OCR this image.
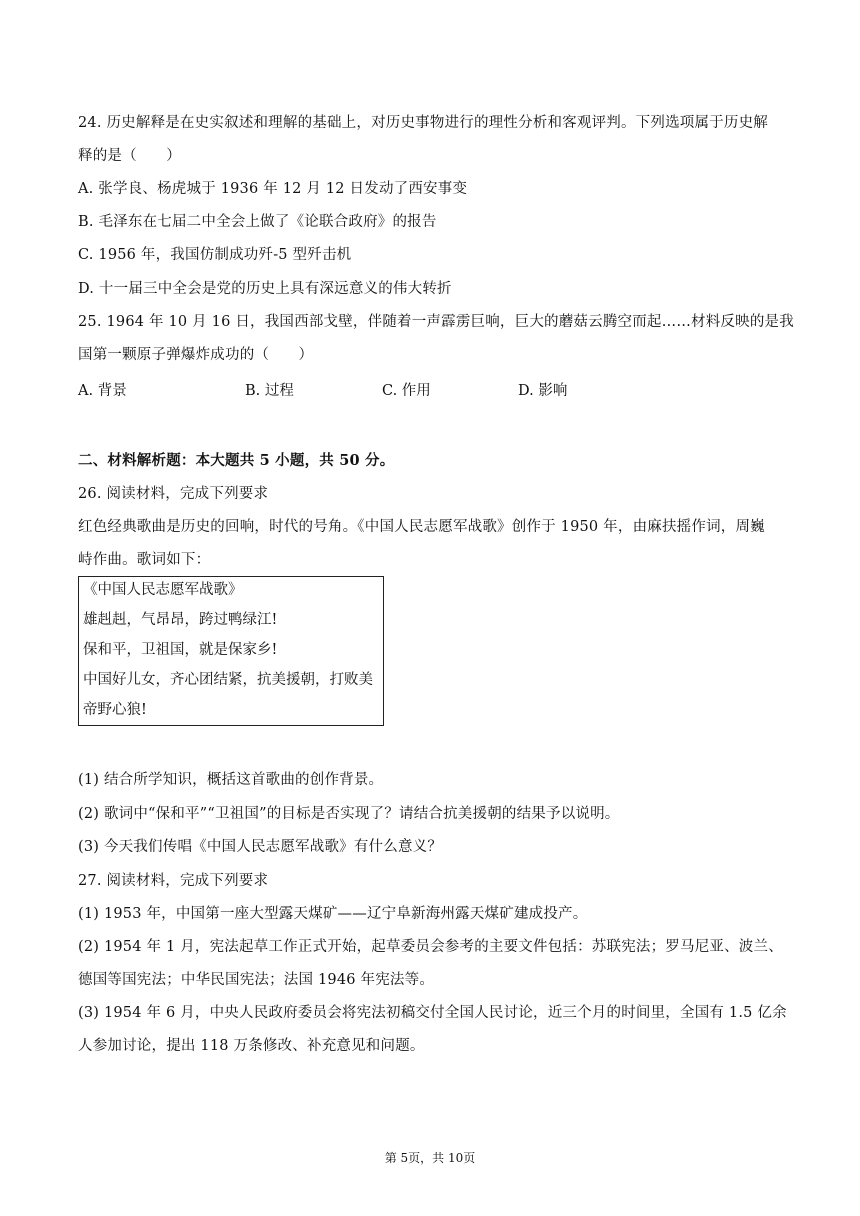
24. 历史解释是在史实叙述和理解的基础上，对历史事物进行的理性分析和客观评判。下列选项属于历史解
释的是（　　）
A. 张学良、杨虎城于 1936 年 12 月 12 日发动了西安事变
B. 毛泽东在七届二中全会上做了《论联合政府》的报告
C. 1956 年，我国仿制成功歼-5 型歼击机
D. 十一届三中全会是党的历史上具有深远意义的伟大转折
25. 1964 年 10 月 16 日，我国西部戈壁，伴随着一声霹雳巨响，巨大的蘑菇云腾空而起……材料反映的是我
国第一颗原子弹爆炸成功的（　　）
A. 背景	B. 过程	C. 作用	D. 影响
二、材料解析题：本大题共 5 小题，共 50 分。
26. 阅读材料，完成下列要求
红色经典歌曲是历史的回响，时代的号角。《中国人民志愿军战歌》创作于 1950 年，由麻扶摇作词，周巍
峙作曲。歌词如下：
《中国人民志愿军战歌》
雄赳赳，气昂昂，跨过鸭绿江!
保和平，卫祖国，就是保家乡!
中国好儿女，齐心团结紧，抗美援朝，打败美
帝野心狼!
(1) 结合所学知识，概括这首歌曲的创作背景。
(2) 歌词中“保和平”“卫祖国”的目标是否实现了？请结合抗美援朝的结果予以说明。
(3) 今天我们传唱《中国人民志愿军战歌》有什么意义？
27. 阅读材料，完成下列要求
(1) 1953 年，中国第一座大型露天煤矿——辽宁阜新海州露天煤矿建成投产。
(2) 1954 年 1 月，宪法起草工作正式开始，起草委员会参考的主要文件包括：苏联宪法；罗马尼亚、波兰、
德国等国宪法；中华民国宪法；法国 1946 年宪法等。
(3) 1954 年 6 月，中央人民政府委员会将宪法初稿交付全国人民讨论，近三个月的时间里，全国有 1.5 亿余
人参加讨论，提出 118 万条修改、补充意见和问题。
第 5页，共 10页
